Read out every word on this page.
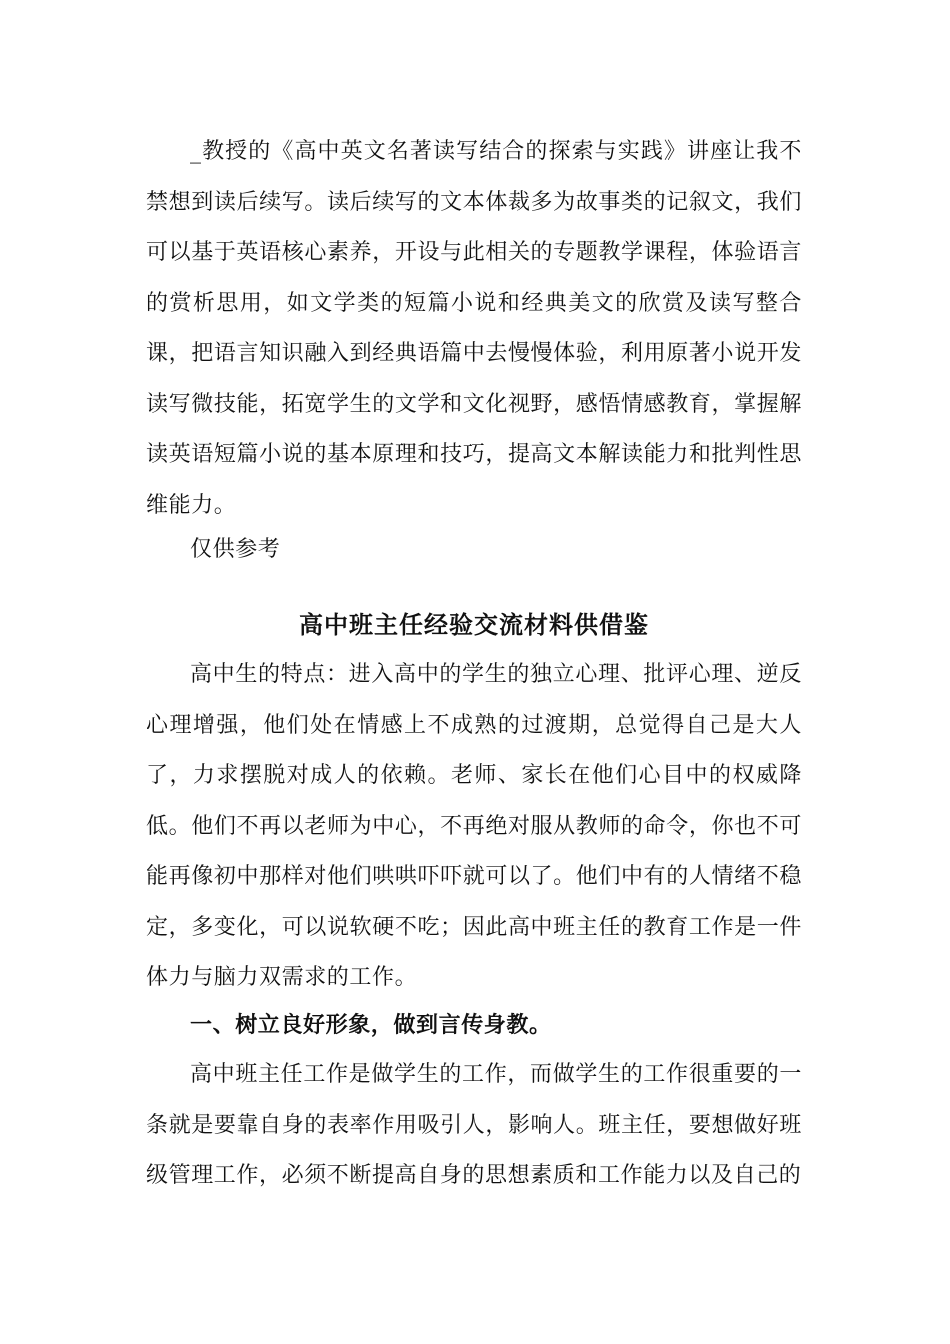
_教授的《高中英文名著读写结合的探索与实践》讲座让我不禁想到读后续写。读后续写的文本体裁多为故事类的记叙文，我们可以基于英语核心素养，开设与此相关的专题教学课程，体验语言的赏析思用，如文学类的短篇小说和经典美文的欣赏及读写整合课，把语言知识融入到经典语篇中去慢慢体验，利用原著小说开发读写微技能，拓宽学生的文学和文化视野，感悟情感教育，掌握解读英语短篇小说的基本原理和技巧，提高文本解读能力和批判性思维能力。

仅供参考

高中班主任经验交流材料供借鉴

高中生的特点：进入高中的学生的独立心理、批评心理、逆反心理增强，他们处在情感上不成熟的过渡期，总觉得自己是大人了，力求摆脱对成人的依赖。老师、家长在他们心目中的权威降低。他们不再以老师为中心，不再绝对服从教师的命令，你也不可能再像初中那样对他们哄哄吓吓就可以了。他们中有的人情绪不稳定，多变化，可以说软硬不吃；因此高中班主任的教育工作是一件体力与脑力双需求的工作。

一、树立良好形象，做到言传身教。

高中班主任工作是做学生的工作，而做学生的工作很重要的一条就是要靠自身的表率作用吸引人，影响人。班主任，要想做好班级管理工作，必须不断提高自身的思想素质和工作能力以及自己的
